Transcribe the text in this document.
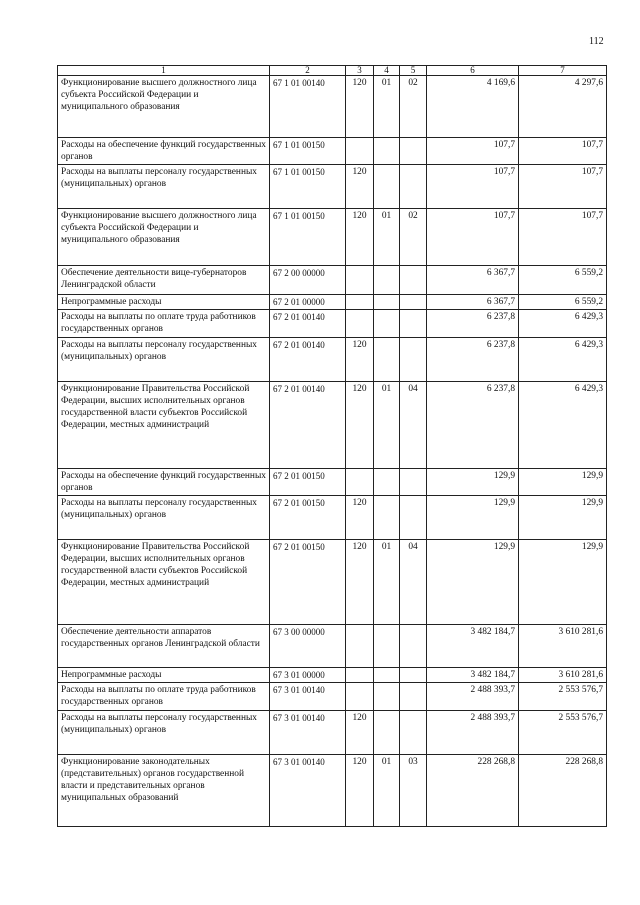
112
1	2	3	4	5	6	7
Функционирование высшего должностного лица субъекта Российской Федерации и муниципального образования	67 1 01 00140	120	01	02	4 169,6	4 297,6
Расходы на обеспечение функций государственных органов	67 1 01 00150				107,7	107,7
Расходы на выплаты персоналу государственных (муниципальных) органов	67 1 01 00150	120			107,7	107,7
Функционирование высшего должностного лица субъекта Российской Федерации и муниципального образования	67 1 01 00150	120	01	02	107,7	107,7
Обеспечение деятельности вице-губернаторов Ленинградской области	67 2 00 00000				6 367,7	6 559,2
Непрограммные расходы	67 2 01 00000				6 367,7	6 559,2
Расходы на выплаты по оплате труда работников государственных органов	67 2 01 00140				6 237,8	6 429,3
Расходы на выплаты персоналу государственных (муниципальных) органов	67 2 01 00140	120			6 237,8	6 429,3
Функционирование Правительства Российской Федерации, высших исполнительных органов государственной власти субъектов Российской Федерации, местных администраций	67 2 01 00140	120	01	04	6 237,8	6 429,3
Расходы на обеспечение функций государственных органов	67 2 01 00150				129,9	129,9
Расходы на выплаты персоналу государственных (муниципальных) органов	67 2 01 00150	120			129,9	129,9
Функционирование Правительства Российской Федерации, высших исполнительных органов государственной власти субъектов Российской Федерации, местных администраций	67 2 01 00150	120	01	04	129,9	129,9
Обеспечение деятельности аппаратов государственных органов Ленинградской области	67 3 00 00000				3 482 184,7	3 610 281,6
Непрограммные расходы	67 3 01 00000				3 482 184,7	3 610 281,6
Расходы на выплаты по оплате труда работников государственных органов	67 3 01 00140				2 488 393,7	2 553 576,7
Расходы на выплаты персоналу государственных (муниципальных) органов	67 3 01 00140	120			2 488 393,7	2 553 576,7
Функционирование законодательных (представительных) органов государственной власти и представительных органов муниципальных образований	67 3 01 00140	120	01	03	228 268,8	228 268,8
